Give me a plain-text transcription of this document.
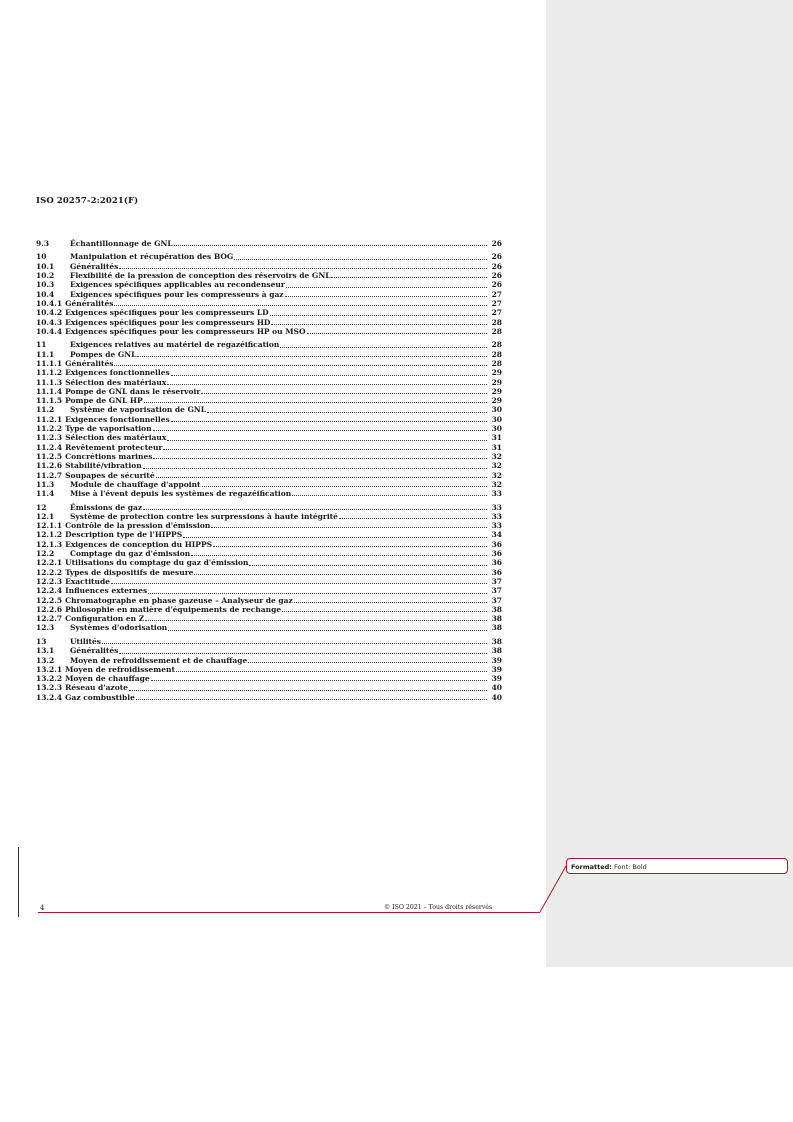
ISO 20257-2:2021(F)
9.3	Échantillonnage de GNL	26
10	Manipulation et récupération des BOG	26
10.1	Généralités	26
10.2	Flexibilité de la pression de conception des réservoirs de GNL	26
10.3	Exigences spécifiques applicables au recondenseur	26
10.4	Exigences spécifiques pour les compresseurs à gaz	27
10.4.1 Généralités	27
10.4.2 Exigences spécifiques pour les compresseurs LD	27
10.4.3 Exigences spécifiques pour les compresseurs HD	28
10.4.4 Exigences spécifiques pour les compresseurs HP ou MSO	28
11	Exigences relatives au matériel de regazéification	28
11.1	Pompes de GNL	28
11.1.1 Généralités	28
11.1.2 Exigences fonctionnelles	29
11.1.3 Sélection des matériaux	29
11.1.4 Pompe de GNL dans le réservoir	29
11.1.5 Pompe de GNL HP	29
11.2	Système de vaporisation de GNL	30
11.2.1 Exigences fonctionnelles	30
11.2.2 Type de vaporisation	30
11.2.3 Sélection des matériaux	31
11.2.4 Revêtement protecteur	31
11.2.5 Concrétions marines	32
11.2.6 Stabilité/vibration	32
11.2.7 Soupapes de sécurité	32
11.3	Module de chauffage d'appoint	32
11.4	Mise à l'évent depuis les systèmes de regazéification	33
12	Émissions de gaz	33
12.1	Système de protection contre les surpressions à haute intégrité	33
12.1.1 Contrôle de la pression d'émission	33
12.1.2 Description type de l'HIPPS	34
12.1.3 Exigences de conception du HIPPS	36
12.2	Comptage du gaz d'émission	36
12.2.1 Utilisations du comptage du gaz d'émission	36
12.2.2 Types de dispositifs de mesure	36
12.2.3 Exactitude	37
12.2.4 Influences externes	37
12.2.5 Chromatographe en phase gazeuse – Analyseur de gaz	37
12.2.6 Philosophie en matière d'équipements de rechange	38
12.2.7 Configuration en Z	38
12.3	Systèmes d'odorisation	38
13	Utilités	38
13.1	Généralités	38
13.2	Moyen de refroidissement et de chauffage	39
13.2.1 Moyen de refroidissement	39
13.2.2 Moyen de chauffage	39
13.2.3 Réseau d'azote	40
13.2.4 Gaz combustible	40
4	© ISO 2021 – Tous droits réservés
Formatted: Font: Bold
